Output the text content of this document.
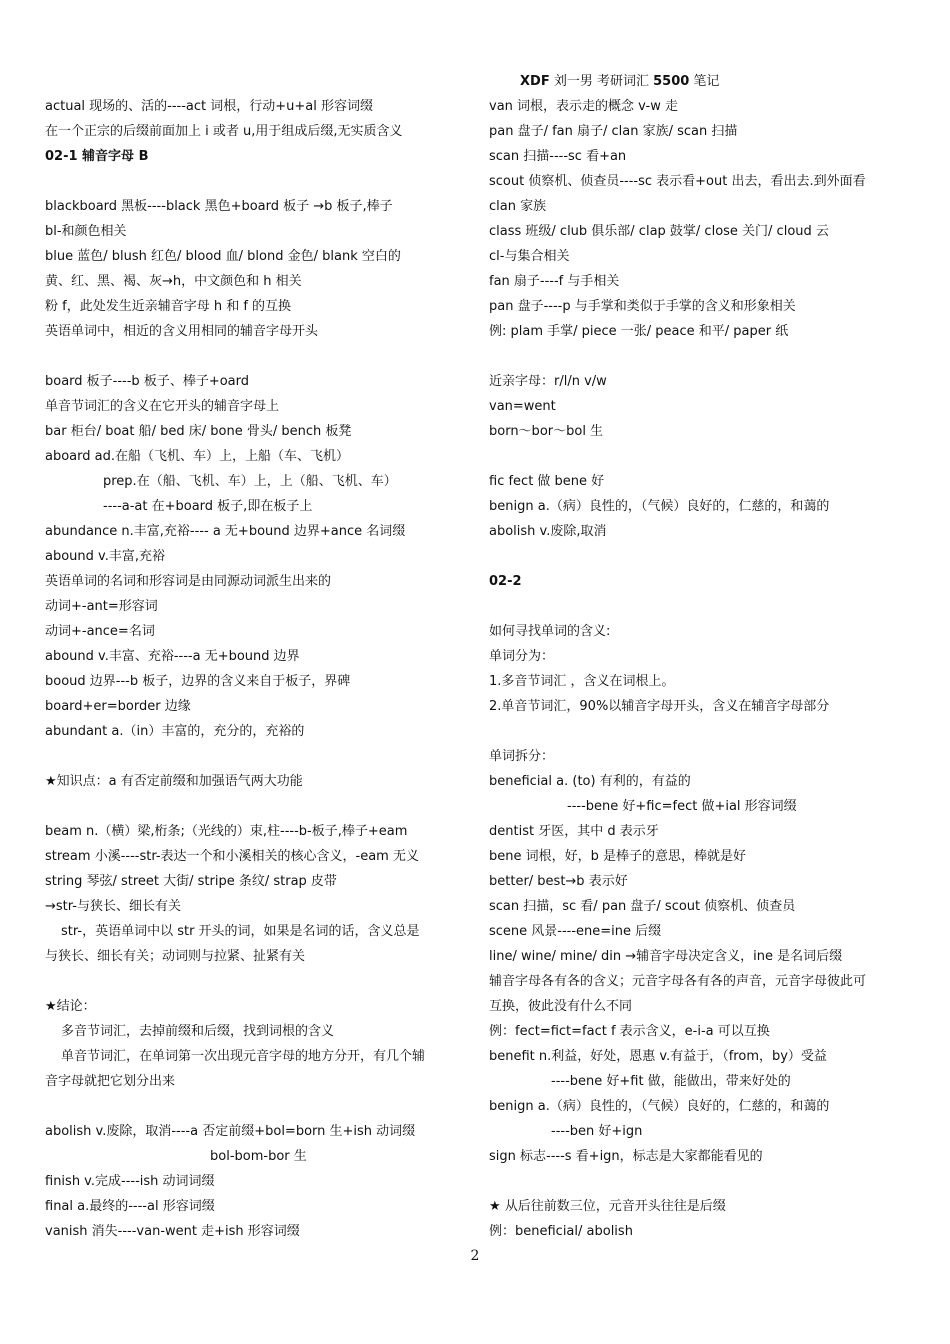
XDF 刘一男 考研词汇 5500 笔记
actual 现场的、活的----act 词根，行动+u+al 形容词缀
在一个正宗的后缀前面加上 i 或者 u,用于组成后缀,无实质含义
02-1 辅音字母 B
blackboard 黑板----black 黑色+board 板子 →b 板子,棒子
bl-和颜色相关
blue 蓝色/ blush 红色/ blood 血/ blond 金色/ blank 空白的
黄、红、黑、褐、灰→h，中文颜色和 h 相关
粉 f，此处发生近亲辅音字母 h 和 f 的互换
英语单词中，相近的含义用相同的辅音字母开头
board 板子----b 板子、棒子+oard
单音节词汇的含义在它开头的辅音字母上
bar 柜台/ boat 船/ bed 床/ bone 骨头/ bench 板凳
aboard ad.在船（飞机、车）上，上船（车、飞机）
prep.在（船、飞机、车）上，上（船、飞机、车）
----a-at 在+board 板子,即在板子上
abundance n.丰富,充裕---- a 无+bound 边界+ance 名词缀
abound v.丰富,充裕
英语单词的名词和形容词是由同源动词派生出来的
动词+-ant=形容词
动词+-ance=名词
abound v.丰富、充裕----a 无+bound 边界
booud 边界---b 板子，边界的含义来自于板子，界碑
board+er=border 边缘
abundant a.（in）丰富的，充分的，充裕的
★知识点：a 有否定前缀和加强语气两大功能
beam n.（横）梁,桁条;（光线的）束,柱----b-板子,棒子+eam
stream 小溪----str-表达一个和小溪相关的核心含义，-eam 无义
string 琴弦/ street 大街/ stripe 条纹/ strap 皮带
→str-与狭长、细长有关
str-，英语单词中以 str 开头的词，如果是名词的话，含义总是
与狭长、细长有关；动词则与拉紧、扯紧有关
★结论：
多音节词汇，去掉前缀和后缀，找到词根的含义
单音节词汇，在单词第一次出现元音字母的地方分开，有几个辅
音字母就把它划分出来
abolish v.废除，取消----a 否定前缀+bol=born 生+ish 动词缀
bol-bom-bor 生
finish v.完成----ish 动词词缀
final a.最终的----al 形容词缀
vanish 消失----van-went 走+ish 形容词缀
van 词根，表示走的概念 v-w 走
pan 盘子/ fan 扇子/ clan 家族/ scan 扫描
scan 扫描----sc 看+an
scout 侦察机、侦查员----sc 表示看+out 出去，看出去.到外面看
clan 家族
class 班级/ club 俱乐部/ clap 鼓掌/ close 关门/ cloud 云
cl-与集合相关
fan 扇子----f 与手相关
pan 盘子----p 与手掌和类似于手掌的含义和形象相关
例: plam 手掌/ piece 一张/ peace 和平/ paper 纸
近亲字母：r/l/n v/w
van=went
born～bor～bol 生
fic fect 做 bene 好
benign a.（病）良性的，（气候）良好的，仁慈的，和蔼的
abolish v.废除,取消
02-2
如何寻找单词的含义:
单词分为：
1.多音节词汇 ，含义在词根上。
2.单音节词汇，90%以辅音字母开头，含义在辅音字母部分
单词拆分：
beneficial a. (to) 有利的，有益的
----bene 好+fic=fect 做+ial 形容词缀
dentist 牙医，其中 d 表示牙
bene 词根，好，b 是棒子的意思，棒就是好
better/ best→b 表示好
scan 扫描，sc 看/ pan 盘子/ scout 侦察机、侦查员
scene 风景----ene=ine 后缀
line/ wine/ mine/ din →辅音字母决定含义，ine 是名词后缀
辅音字母各有各的含义；元音字母各有各的声音，元音字母彼此可
互换，彼此没有什么不同
例：fect=fict=fact f 表示含义，e-i-a 可以互换
benefit n.利益，好处，恩惠 v.有益于，（from，by）受益
----bene 好+fit 做，能做出，带来好处的
benign a.（病）良性的，（气候）良好的，仁慈的，和蔼的
----ben 好+ign
sign 标志----s 看+ign，标志是大家都能看见的
★ 从后往前数三位，元音开头往往是后缀
例：beneficial/ abolish
2
